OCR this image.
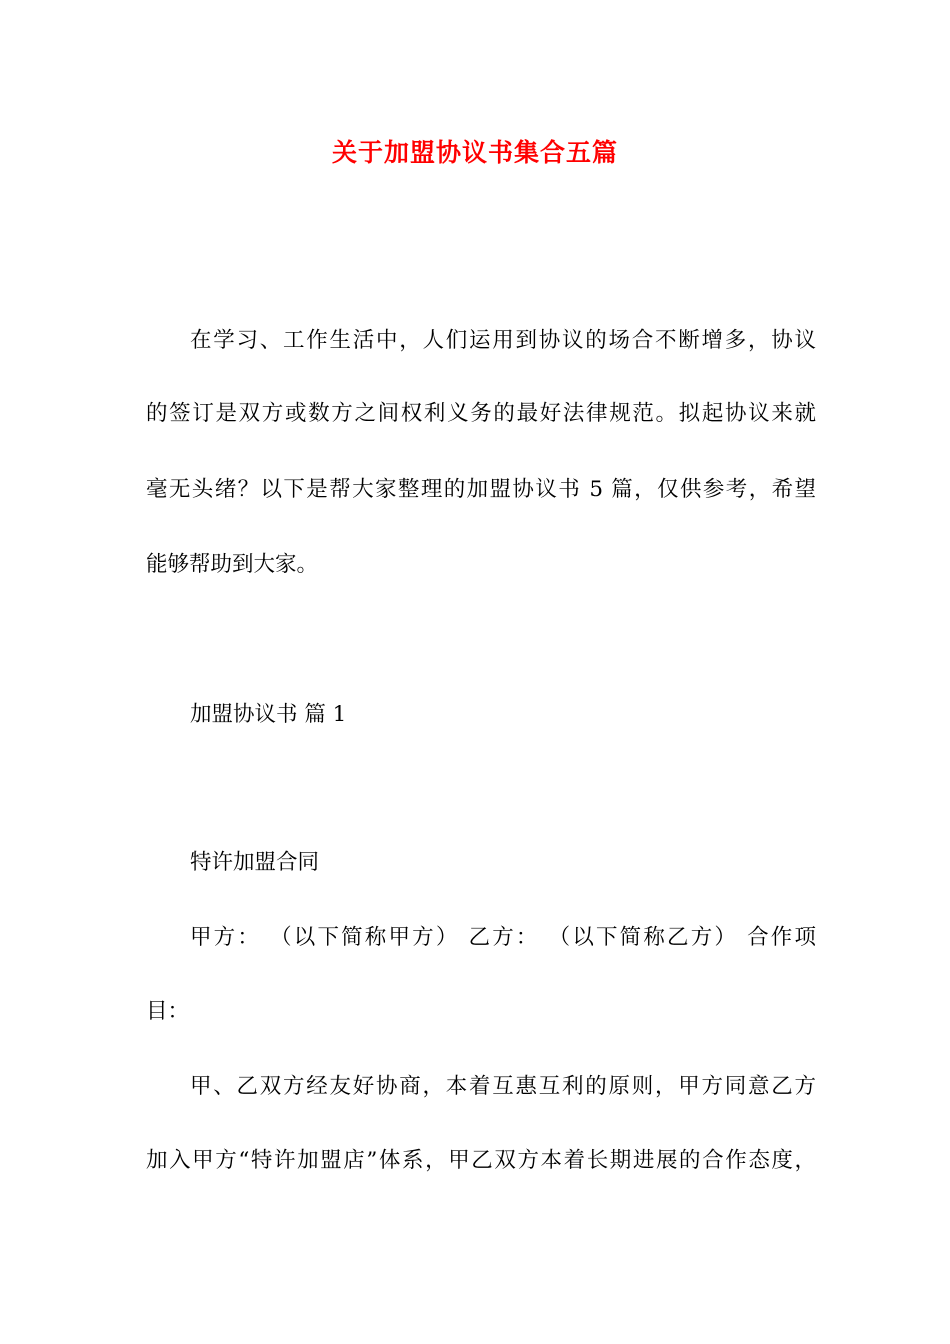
关于加盟协议书集合五篇

在学习、工作生活中，人们运用到协议的场合不断增多，协议

的签订是双方或数方之间权利义务的最好法律规范。拟起协议来就

毫无头绪？以下是帮大家整理的加盟协议书 5 篇，仅供参考，希望

能够帮助到大家。

加盟协议书 篇 1

特许加盟合同

甲方： （以下简称甲方） 乙方： （以下简称乙方） 合作项

目：

甲、乙双方经友好协商，本着互惠互利的原则，甲方同意乙方

加入甲方“特许加盟店”体系，甲乙双方本着长期进展的合作态度，
